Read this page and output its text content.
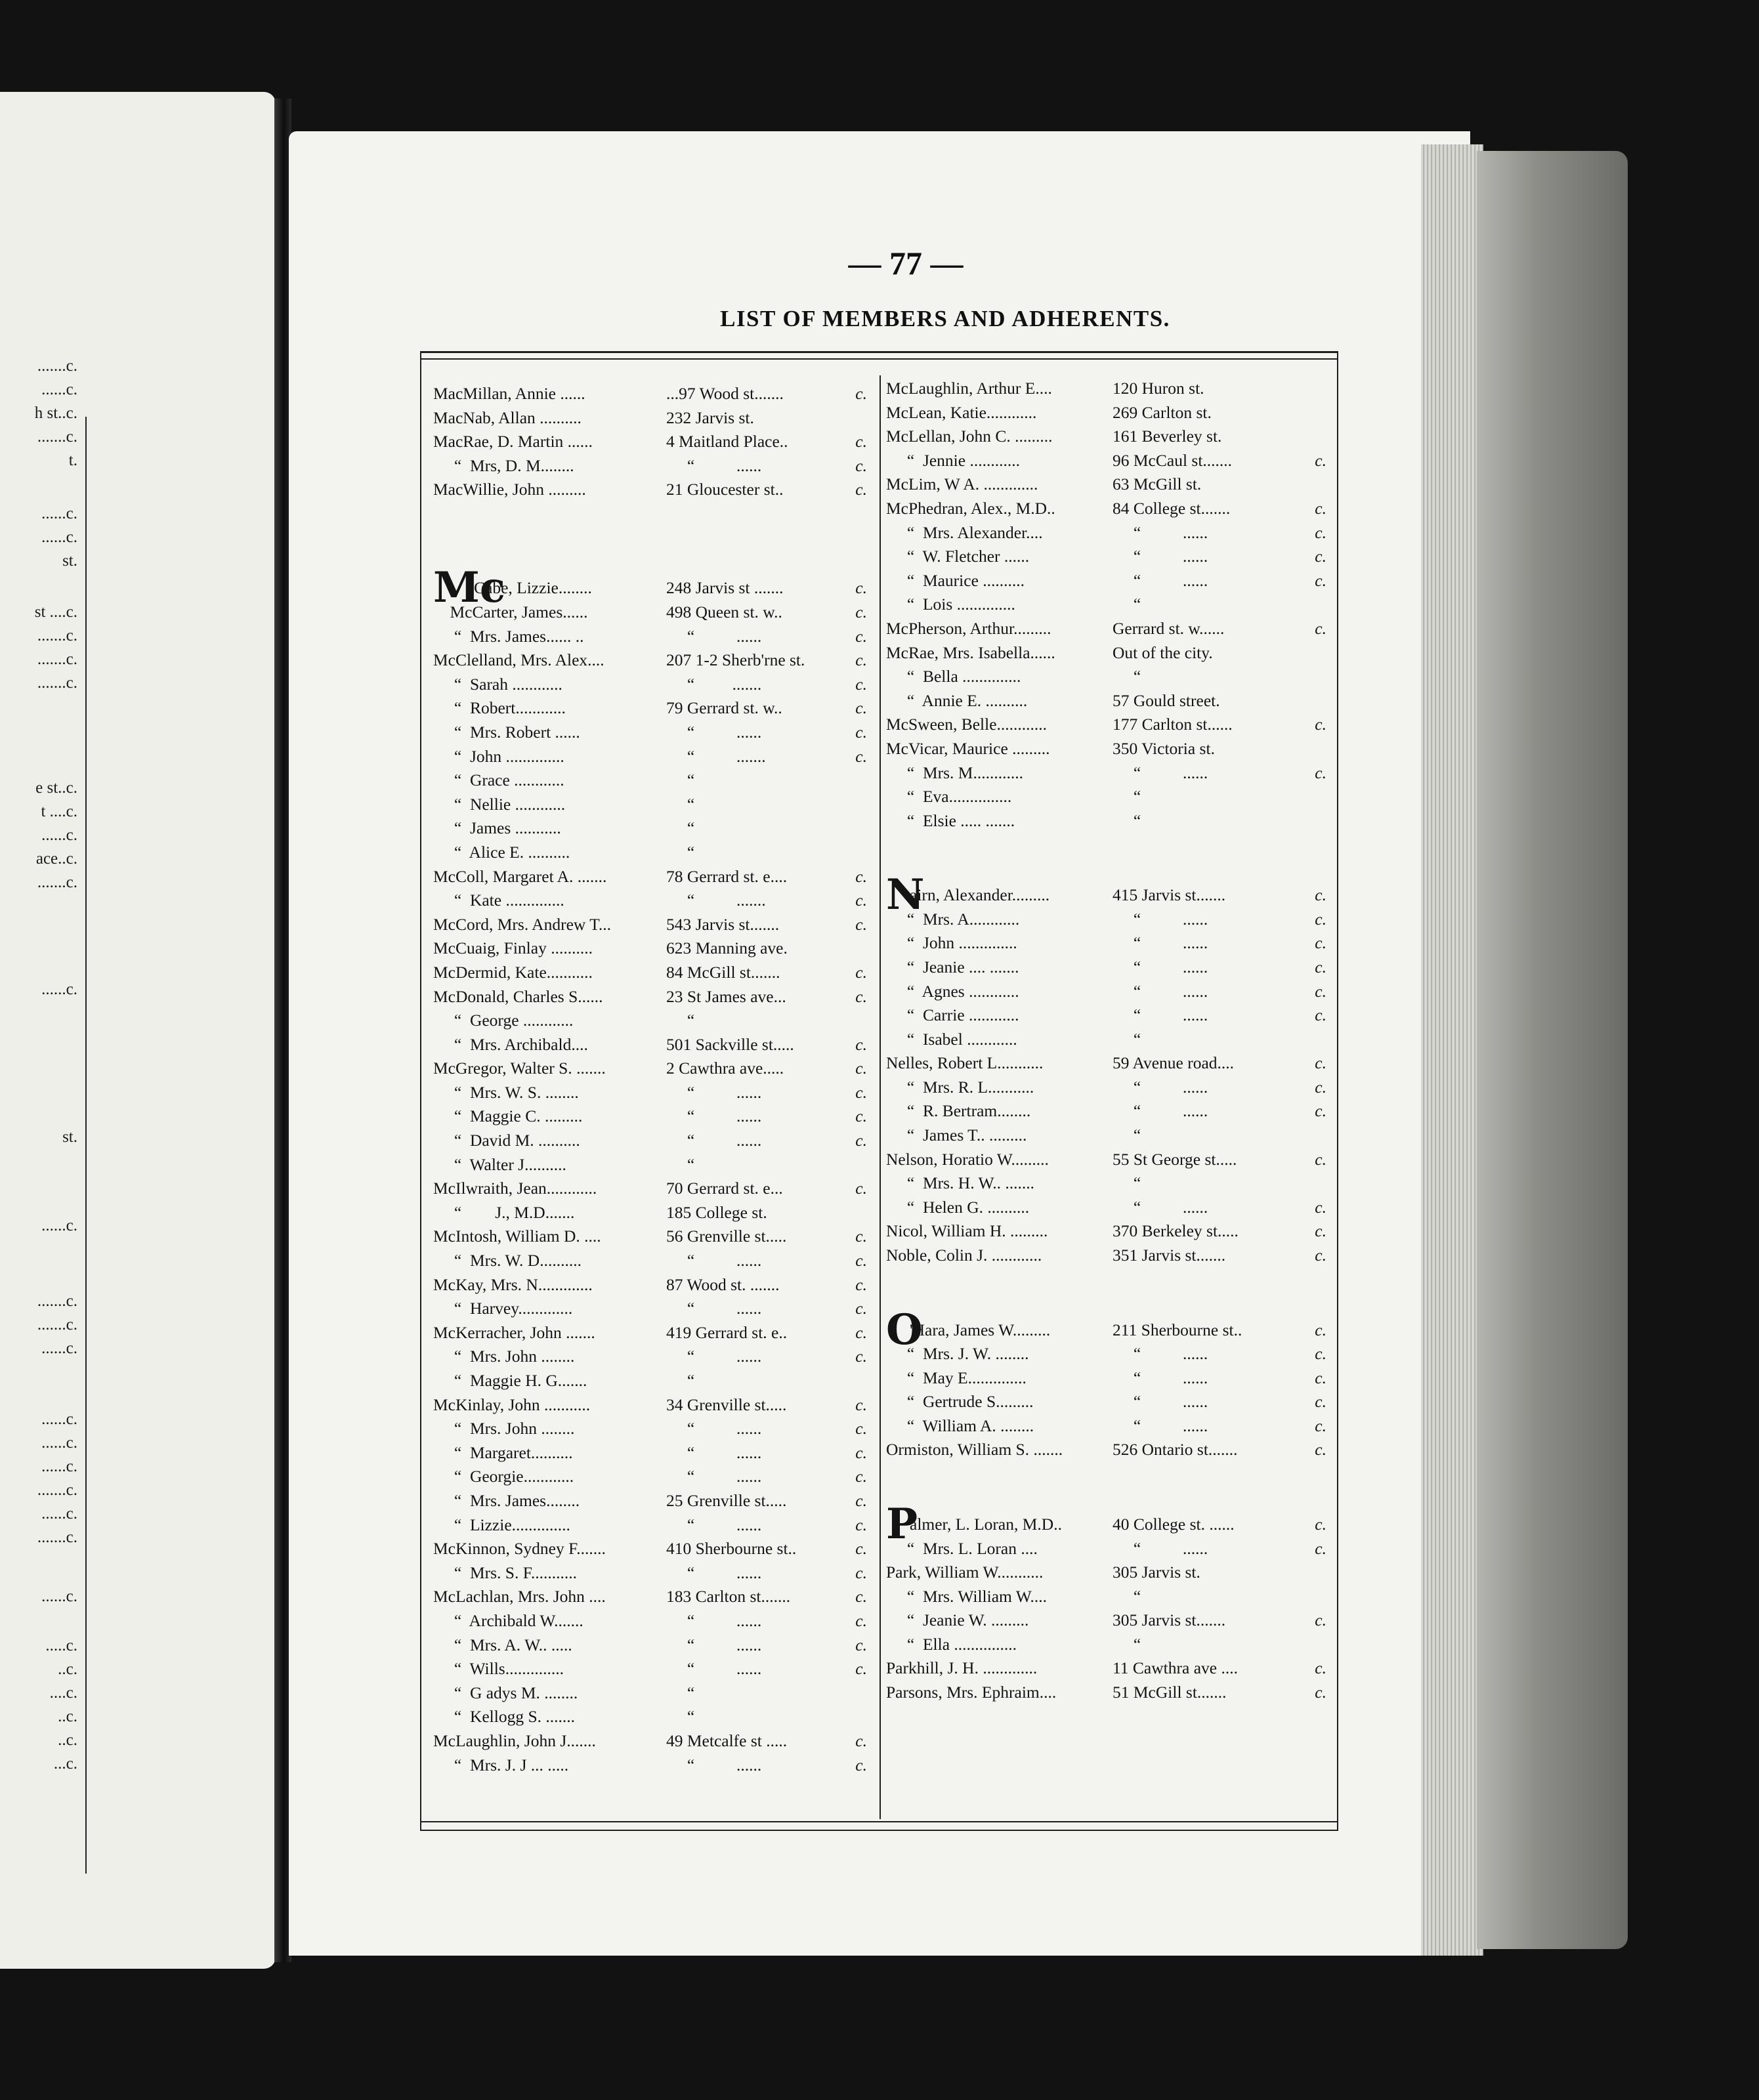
.......c.
......c.
h st..c.
.......c.
t.
......c.
......c.
st.
st ....c.
.......c.
.......c.
.......c.
e st..c.
t ....c.
......c.
ace..c.
.......c.
......c.
st.
......c.
.......c.
.......c.
......c.
......c.
......c.
......c.
.......c.
......c.
.......c.
......c.
.....c.
..c.
....c.
..c.
..c.
...c.
— 77 —
LIST OF MEMBERS AND ADHERENTS.
MacMillan, Annie ......	...97 Wood st.......	c.
MacNab, Allan ..........	232 Jarvis st.
MacRae, D. Martin ......	4 Maitland Place..	c.
“  Mrs, D. M........	“          ......	c.
MacWillie, John .........	21 Gloucester st..	c.
Mc
Cabe, Lizzie........	248 Jarvis st .......	c.
McCarter, James......	498 Queen st. w..	c.
“  Mrs. James...... ..	“          ......	c.
McClelland, Mrs. Alex....	207 1-2 Sherb'rne st.	c.
“  Sarah ............	“         .......	c.
“  Robert............	79 Gerrard st. w..	c.
“  Mrs. Robert ......	“          ......	c.
“  John ..............	“          .......	c.
“  Grace ............	“
“  Nellie ............	“
“  James ...........	“
“  Alice E. ..........	“
McColl, Margaret A. .......	78 Gerrard st. e....	c.
“  Kate ..............	“          .......	c.
McCord, Mrs. Andrew T...	543 Jarvis st.......	c.
McCuaig, Finlay ..........	623 Manning ave.
McDermid, Kate...........	84 McGill st.......	c.
McDonald, Charles S......	23 St James ave...	c.
“  George ............	“
“  Mrs. Archibald....	501 Sackville st.....	c.
McGregor, Walter S. .......	2 Cawthra ave.....	c.
“  Mrs. W. S. ........	“          ......	c.
“  Maggie C. .........	“          ......	c.
“  David M. ..........	“          ......	c.
“  Walter J..........	“
McIlwraith, Jean............	70 Gerrard st. e...	c.
“        J., M.D.......	185 College st.
McIntosh, William D. ....	56 Grenville st.....	c.
“  Mrs. W. D..........	“          ......	c.
McKay, Mrs. N.............	87 Wood st. .......	c.
“  Harvey.............	“          ......	c.
McKerracher, John .......	419 Gerrard st. e..	c.
“  Mrs. John ........	“          ......	c.
“  Maggie H. G.......	“
McKinlay, John ...........	34 Grenville st.....	c.
“  Mrs. John ........	“          ......	c.
“  Margaret..........	“          ......	c.
“  Georgie............	“          ......	c.
“  Mrs. James........	25 Grenville st.....	c.
“  Lizzie..............	“          ......	c.
McKinnon, Sydney F.......	410 Sherbourne st..	c.
“  Mrs. S. F...........	“          ......	c.
McLachlan, Mrs. John ....	183 Carlton st.......	c.
“  Archibald W.......	“          ......	c.
“  Mrs. A. W.. .....	“          ......	c.
“  Wills..............	“          ......	c.
“  G adys M. ........	“
“  Kellogg S. .......	“
McLaughlin, John J.......	49 Metcalfe st .....	c.
“  Mrs. J. J ... .....	“          ......	c.
McLaughlin, Arthur E....	120 Huron st.
McLean, Katie............	269 Carlton st.
McLellan, John C. .........	161 Beverley st.
“  Jennie ............	96 McCaul st.......	c.
McLim, W A. .............	63 McGill st.
McPhedran, Alex., M.D..	84 College st.......	c.
“  Mrs. Alexander....	“          ......	c.
“  W. Fletcher ......	“          ......	c.
“  Maurice ..........	“          ......	c.
“  Lois ..............	“
McPherson, Arthur.........	Gerrard st. w......	c.
McRae, Mrs. Isabella......	Out of the city.
“  Bella ..............	“
“  Annie E. ..........	57 Gould street.
McSween, Belle............	177 Carlton st......	c.
McVicar, Maurice .........	350 Victoria st.
“  Mrs. M............	“          ......	c.
“  Eva...............	“
“  Elsie ..... .......	“
N
airn, Alexander.........	415 Jarvis st.......	c.
“  Mrs. A............	“          ......	c.
“  John ..............	“          ......	c.
“  Jeanie .... .......	“          ......	c.
“  Agnes ............	“          ......	c.
“  Carrie ............	“          ......	c.
“  Isabel ............	“
Nelles, Robert L...........	59 Avenue road....	c.
“  Mrs. R. L...........	“          ......	c.
“  R. Bertram........	“          ......	c.
“  James T.. .........	“
Nelson, Horatio W.........	55 St George st.....	c.
“  Mrs. H. W.. .......	“
“  Helen G. ..........	“          ......	c.
Nicol, William H. .........	370 Berkeley st.....	c.
Noble, Colin J. ............	351 Jarvis st.......	c.
O
'Hara, James W.........	211 Sherbourne st..	c.
“  Mrs. J. W. ........	“          ......	c.
“  May E..............	“          ......	c.
“  Gertrude S.........	“          ......	c.
“  William A. ........	“          ......	c.
Ormiston, William S. .......	526 Ontario st.......	c.
P
almer, L. Loran, M.D..	40 College st. ......	c.
“  Mrs. L. Loran ....	“          ......	c.
Park, William W...........	305 Jarvis st.
“  Mrs. William W....	“
“  Jeanie W. .........	305 Jarvis st.......	c.
“  Ella ...............	“
Parkhill, J. H. .............	11 Cawthra ave ....	c.
Parsons, Mrs. Ephraim....	51 McGill st.......	c.
